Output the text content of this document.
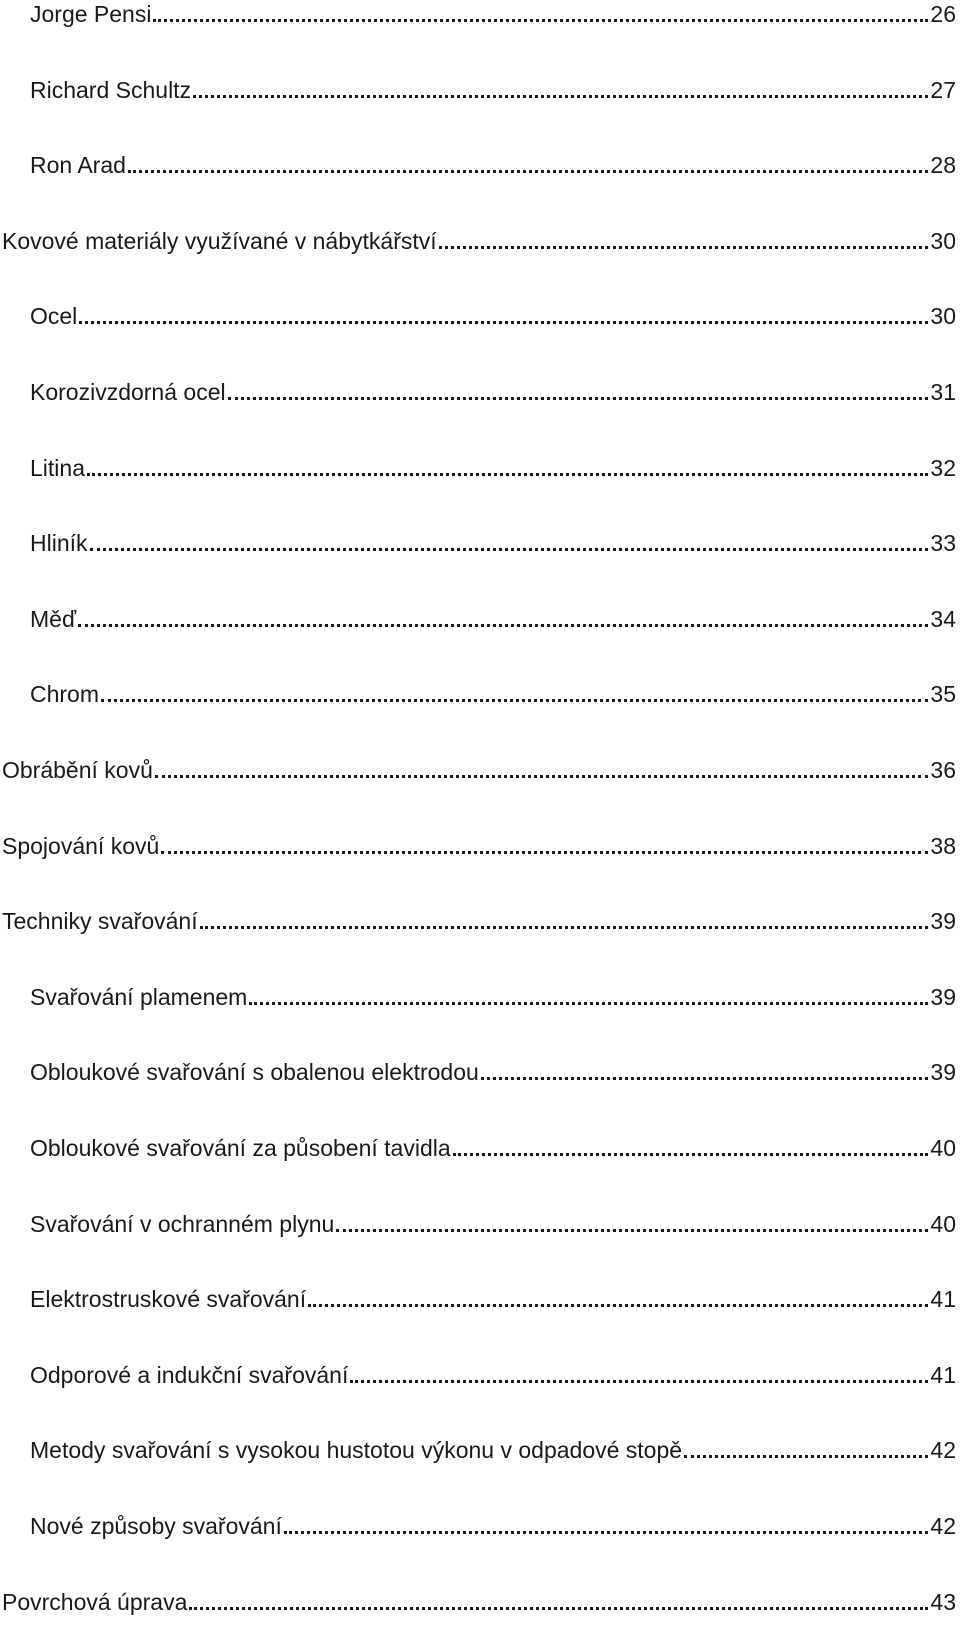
Jorge Pensi	26
Richard Schultz	27
Ron Arad	28
Kovové materiály využívané v nábytkářství	30
Ocel	30
Korozivzdorná ocel	31
Litina	32
Hliník	33
Měď	34
Chrom	35
Obrábění kovů	36
Spojování kovů	38
Techniky svařování	39
Svařování plamenem	39
Obloukové svařování s obalenou elektrodou	39
Obloukové svařování za působení tavidla	40
Svařování v ochranném plynu	40
Elektrostruskové svařování	41
Odporové a indukční svařování	41
Metody svařování s vysokou hustotou výkonu v odpadové stopě	42
Nové způsoby svařování	42
Povrchová úprava	43
